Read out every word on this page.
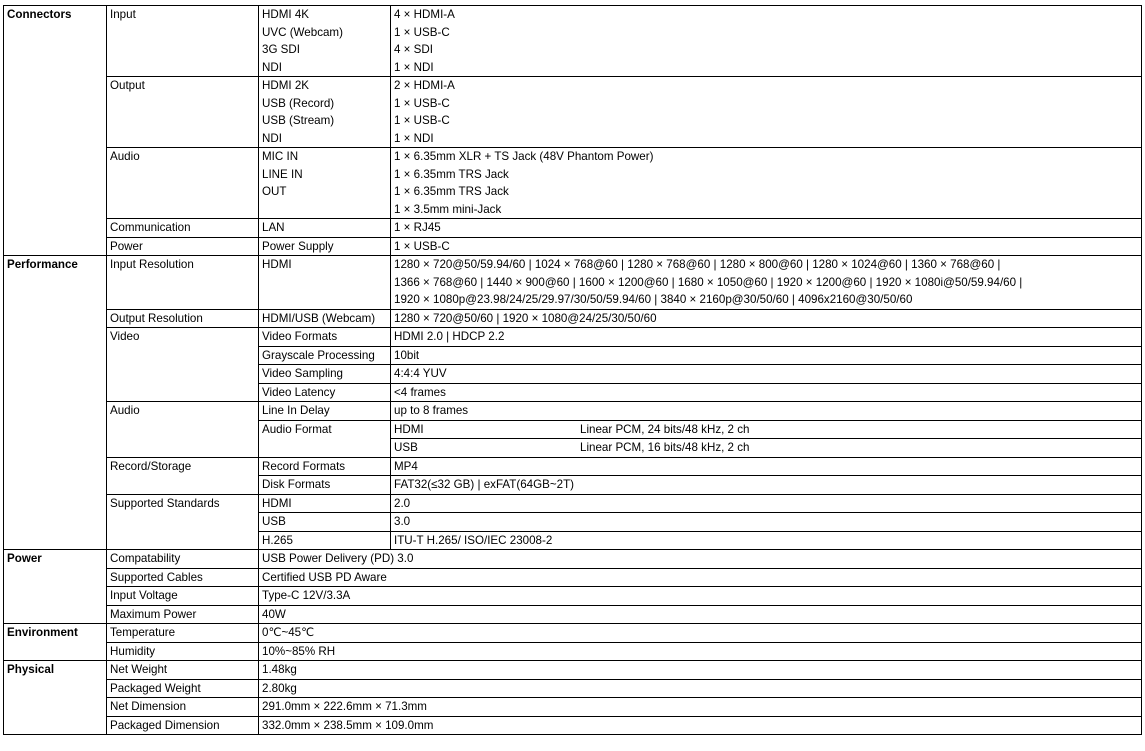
Connectors	Input	HDMI 4K	4 × HDMI-A
		UVC (Webcam)	1 × USB-C
		3G SDI	4 × SDI
		NDI	1 × NDI
	Output	HDMI 2K	2 × HDMI-A
		USB (Record)	1 × USB-C
		USB (Stream)	1 × USB-C
		NDI	1 × NDI
	Audio	MIC IN	1 × 6.35mm XLR + TS Jack (48V Phantom Power)
		LINE IN	1 × 6.35mm TRS Jack
		OUT	1 × 6.35mm TRS Jack
			1 × 3.5mm mini-Jack
	Communication	LAN	1 × RJ45
	Power	Power Supply	1 × USB-C
Performance	Input Resolution	HDMI	1280 × 720@50/59.94/60 | 1024 × 768@60 | 1280 × 768@60 | 1280 × 800@60 | 1280 × 1024@60 | 1360 × 768@60 |
			1366 × 768@60 | 1440 × 900@60 | 1600 × 1200@60 | 1680 × 1050@60 | 1920 × 1200@60 | 1920 × 1080i@50/59.94/60 |
			1920 × 1080p@23.98/24/25/29.97/30/50/59.94/60 | 3840 × 2160p@30/50/60 | 4096x2160@30/50/60
	Output Resolution	HDMI/USB (Webcam)	1280 × 720@50/60 | 1920 × 1080@24/25/30/50/60
	Video	Video Formats	HDMI 2.0 | HDCP 2.2
		Grayscale Processing	10bit
		Video Sampling	4:4:4 YUV
		Video Latency	<4 frames
	Audio	Line In Delay	up to 8 frames
		Audio Format	HDMI Linear PCM, 24 bits/48 kHz, 2 ch
			USB Linear PCM, 16 bits/48 kHz, 2 ch
	Record/Storage	Record Formats	MP4
		Disk Formats	FAT32(≤32 GB) | exFAT(64GB~2T)
	Supported Standards	HDMI	2.0
		USB	3.0
		H.265	ITU-T H.265/ ISO/IEC 23008-2
Power	Compatability	USB Power Delivery (PD) 3.0	
	Supported Cables	Certified USB PD Aware	
	Input Voltage	Type-C 12V/3.3A	
	Maximum Power	40W	
Environment	Temperature	0℃~45℃	
	Humidity	10%~85% RH	
Physical	Net Weight	1.48kg	
	Packaged Weight	2.80kg	
	Net Dimension	291.0mm × 222.6mm × 71.3mm	
	Packaged Dimension	332.0mm × 238.5mm × 109.0mm	
